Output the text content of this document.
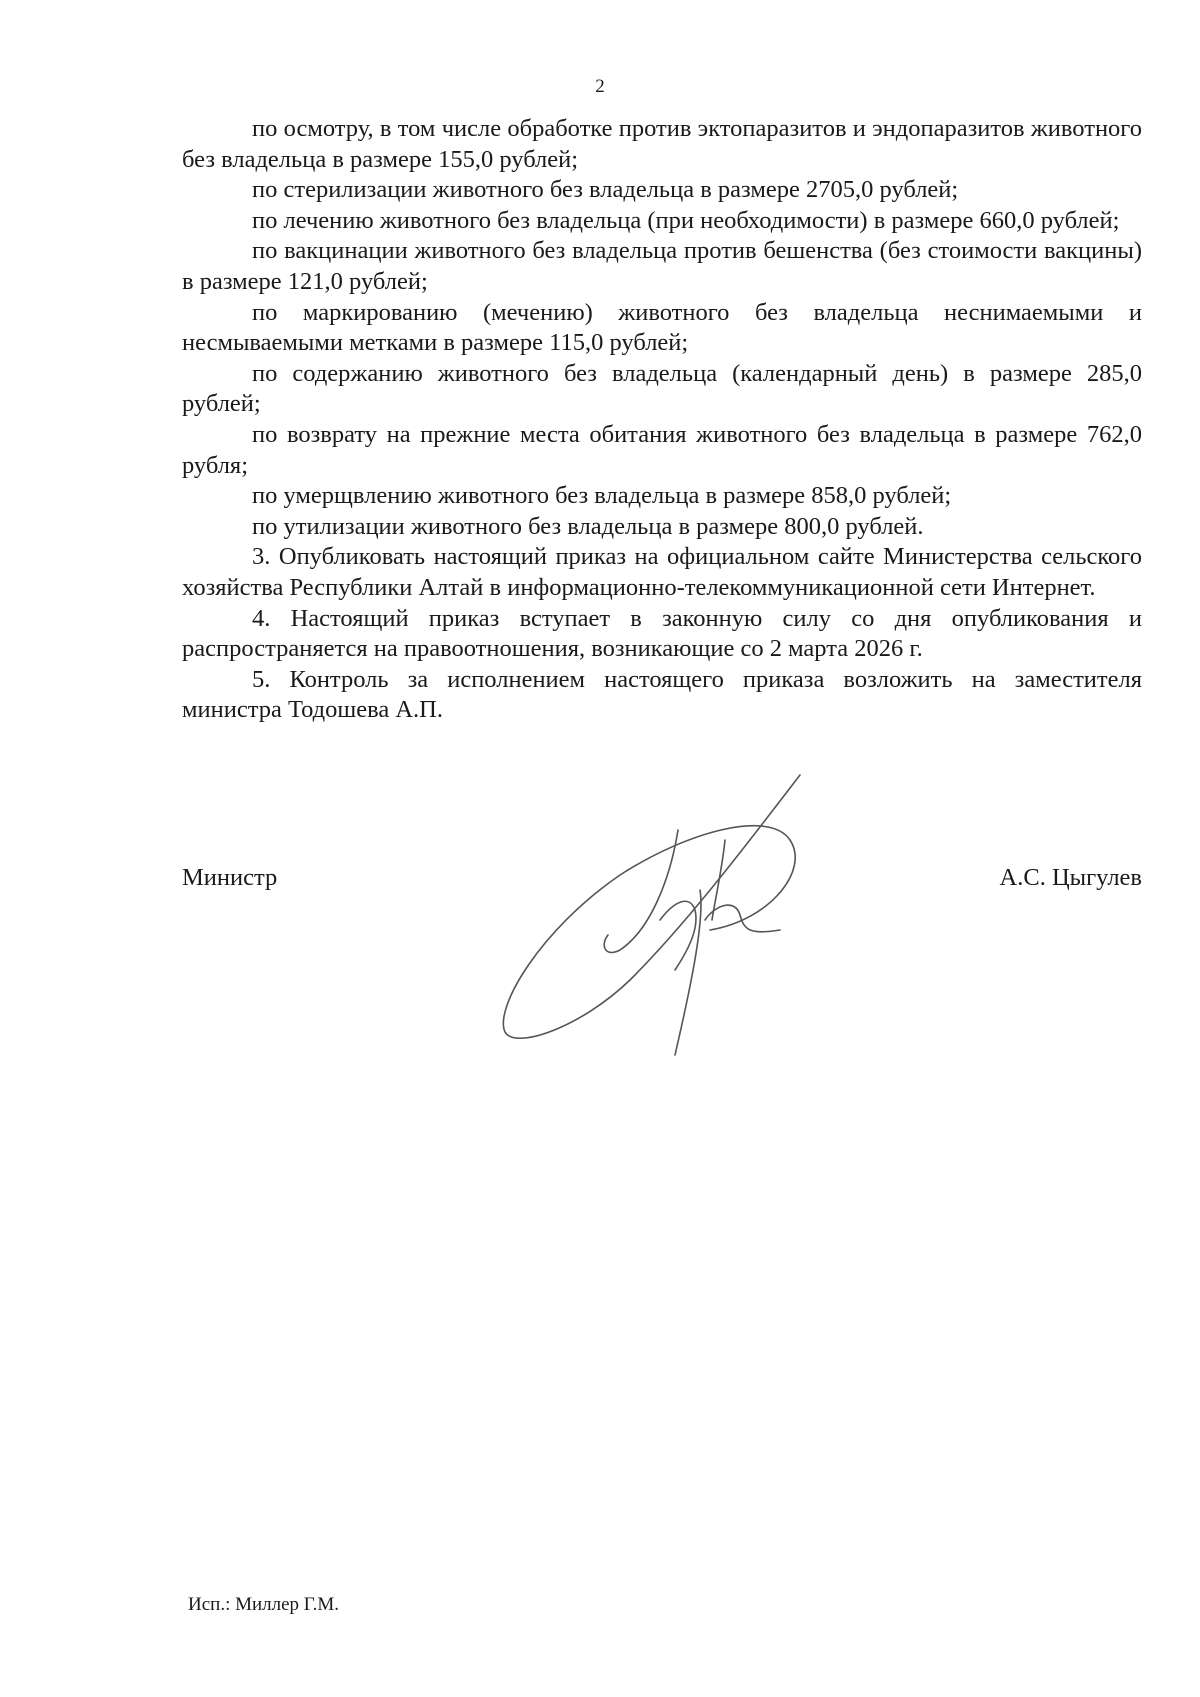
2

по осмотру, в том числе обработке против эктопаразитов и эндопаразитов животного без владельца в размере 155,0 рублей;

по стерилизации животного без владельца в размере 2705,0 рублей;

по лечению животного без владельца (при необходимости) в размере 660,0 рублей;

по вакцинации животного без владельца против бешенства (без стоимости вакцины) в размере 121,0 рублей;

по маркированию (мечению) животного без владельца неснимаемыми и несмываемыми метками в размере 115,0 рублей;

по содержанию животного без владельца (календарный день) в размере 285,0 рублей;

по возврату на прежние места обитания животного без владельца в размере 762,0 рубля;

по умерщвлению животного без владельца в размере 858,0 рублей;

по утилизации животного без владельца в размере 800,0 рублей.

3. Опубликовать настоящий приказ на официальном сайте Министерства сельского хозяйства Республики Алтай в информационно-телекоммуникационной сети Интернет.

4. Настоящий приказ вступает в законную силу со дня опубликования и распространяется на правоотношения, возникающие со 2 марта 2026 г.

5. Контроль за исполнением настоящего приказа возложить на заместителя министра Тодошева А.П.

Министр	А.С. Цыгулев
Исп.: Миллер Г.М.
